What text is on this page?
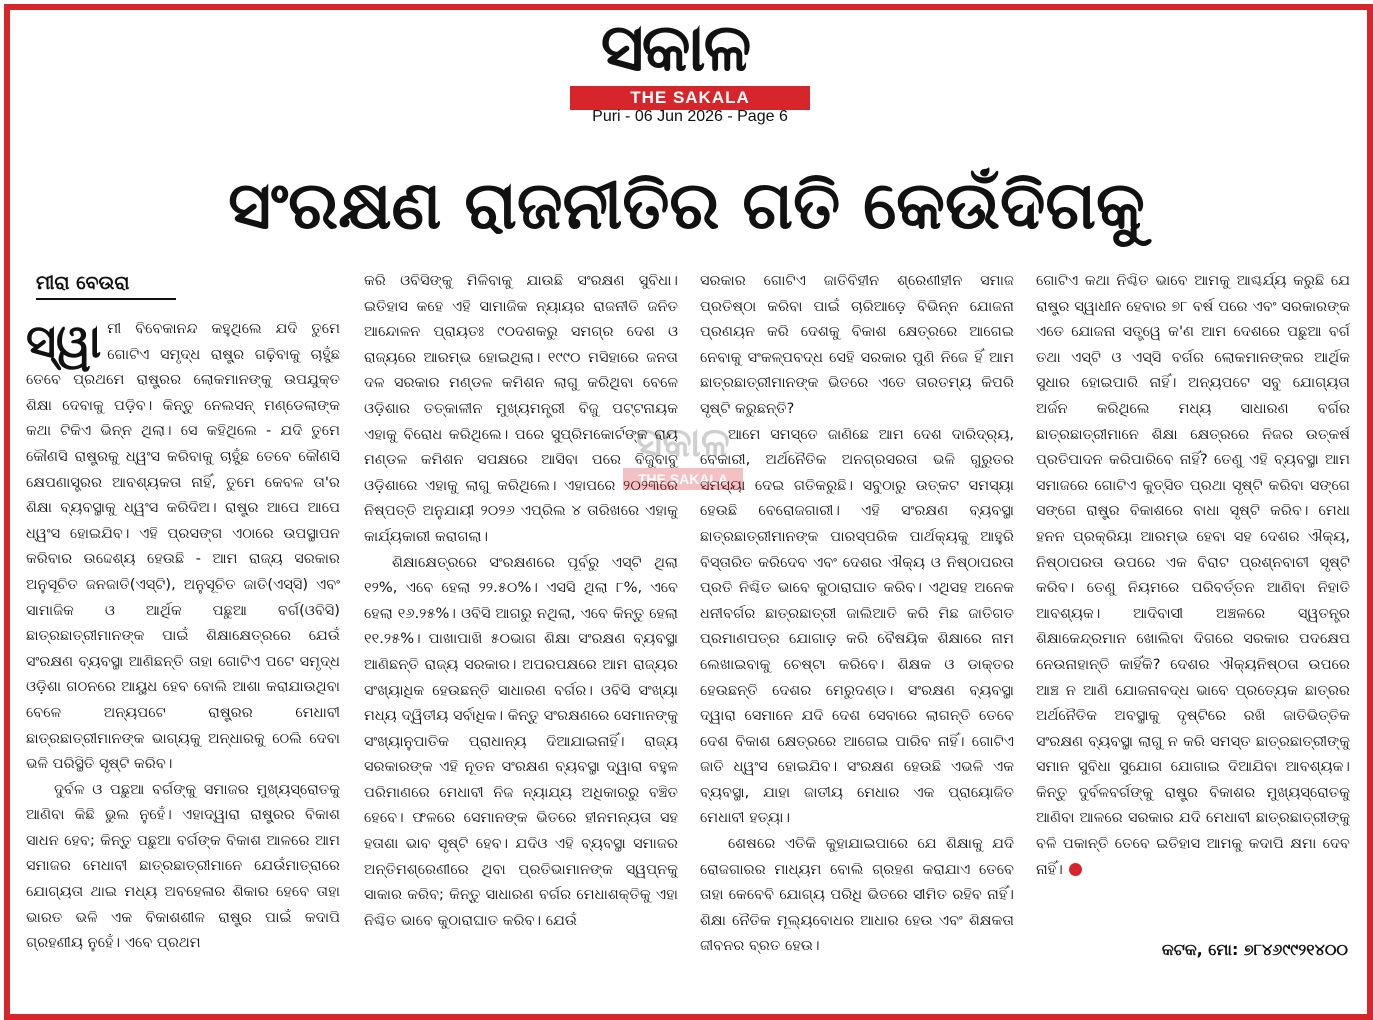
ସକାଳ
THE SAKALA
Puri - 06 Jun 2026 - Page 6
ସଂରକ୍ଷଣ ରାଜନୀତିର ଗତି କେଉଁଦିଗକୁ
ମୀରା ବେଉରା

ସ୍ୱା ମୀ ବିବେକାନନ୍ଦ କହୁଥିଲେ ଯଦି ତୁମେ ଗୋଟିଏ ସମୃଦ୍ଧ ରାଷ୍ଟ୍ର ଗଢ଼ିବାକୁ ଚାହୁଁଛ ତେବେ ପ୍ରଥମେ ରାଷ୍ଟ୍ରର ଲୋକମାନଙ୍କୁ ଉପଯୁକ୍ତ ଶିକ୍ଷା ଦେବାକୁ ପଡ଼ିବ। କିନ୍ତୁ ନେଲସନ୍ ମଣ୍ଡେଲାଙ୍କ କଥା ଟିକିଏ ଭିନ୍ନ ଥିଲା। ସେ କହିଥିଲେ - ଯଦି ତୁମେ କୌଣସି ରାଷ୍ଟ୍ରକୁ ଧ୍ୱଂସ କରିବାକୁ ଚାହୁଁଛ ତେବେ କୌଣସି କ୍ଷେପଣାସ୍ତ୍ରର ଆବଶ୍ୟକତା ନାହିଁ, ତୁମେ କେବଳ ତା'ର ଶିକ୍ଷା ବ୍ୟବସ୍ଥାକୁ ଧ୍ୱଂସ କରିଦିଅ। ରାଷ୍ଟ୍ର ଆପେ ଆପେ ଧ୍ୱଂସ ହୋଇଯିବ। ଏହି ପ୍ରସଙ୍ଗ ଏଠାରେ ଉପସ୍ଥାପନ କରିବାର ଉଦ୍ଦେଶ୍ୟ ହେଉଛି - ଆମ ରାଜ୍ୟ ସରକାର ଅନୁସୂଚିତ ଜନଜାତି(ଏସ୍‌ଟି), ଅନୁସୂଚିତ ଜାତି(ଏସ୍‌ସି) ଏବଂ ସାମାଜିକ ଓ ଆର୍ଥିକ ପଛୁଆ ବର୍ଗ(ଓବିସି) ଛାତ୍ରଛାତ୍ରୀମାନଙ୍କ ପାଇଁ ଶିକ୍ଷାକ୍ଷେତ୍ରରେ ଯେଉଁ ସଂରକ୍ଷଣ ବ୍ୟବସ୍ଥା ଆଣିଛନ୍ତି ତାହା ଗୋଟିଏ ପଟେ ସମୃଦ୍ଧ ଓଡ଼ିଶା ଗଠନରେ ଆୟୁଧ ହେବ ବୋଲି ଆଶା କରାଯାଉଥିବା ବେଳେ ଅନ୍ୟପଟେ ରାଷ୍ଟ୍ରର ମେଧାବୀ ଛାତ୍ରଛାତ୍ରୀମାନଙ୍କ ଭାଗ୍ୟକୁ ଅନ୍ଧାରକୁ ଠେଲି ଦେବା ଭଳି ପରିସ୍ଥିତି ସୃଷ୍ଟି କରିବ।

ଦୁର୍ବଳ ଓ ପଛୁଆ ବର୍ଗଙ୍କୁ ସମାଜର ମୁଖ୍ୟସ୍ରୋତକୁ ଆଣିବା କିଛି ଭୁଲ ନୁହେଁ। ଏହାଦ୍ୱାରା ରାଷ୍ଟ୍ରର ବିକାଶ ସାଧନ ହେବ; କିନ୍ତୁ ପଛୁଆ ବର୍ଗଙ୍କ ବିକାଶ ଆଳରେ ଆମ ସମାଜର ମେଧାବୀ ଛାତ୍ରଛାତ୍ରୀମାନେ ଯେଉଁମାତ୍ରାରେ ଯୋଗ୍ୟତା ଥାଇ ମଧ୍ୟ ଅବହେଳାର ଶିକାର ହେବେ ତାହା ଭାରତ ଭଳି ଏକ ବିକାଶଶୀଳ ରାଷ୍ଟ୍ର ପାଇଁ କଦାପି ଗ୍ରହଣୀୟ ନୁହେଁ। ଏବେ ପ୍ରଥମ

କରି ଓବିସିଙ୍କୁ ମିଳିବାକୁ ଯାଉଛି ସଂରକ୍ଷଣ ସୁବିଧା। ଇତିହାସ କହେ ଏହି ସାମାଜିକ ନ୍ୟାୟର ରାଜନୀତି ଜନିତ ଆନ୍ଦୋଳନ ପ୍ରାୟତଃ ୯୦ଦଶକରୁ ସମଗ୍ର ଦେଶ ଓ ରାଜ୍ୟରେ ଆରମ୍ଭ ହୋଇଥିଲା। ୧୯୯୦ ମସିହାରେ ଜନତା ଦଳ ସରକାର ମଣ୍ଡଳ କମିଶନ ଲାଗୁ କରିଥିବା ବେଳେ ଓଡ଼ିଶାର ତତ୍କାଳୀନ ମୁଖ୍ୟମନ୍ତ୍ରୀ ବିଜୁ ପଟ୍ଟନାୟକ ଏହାକୁ ବିରୋଧ କରିଥିଲେ। ପରେ ସୁପ୍ରିମକୋର୍ଟଙ୍କ ରାୟ ମଣ୍ଡଳ କମିଶନ ସପକ୍ଷରେ ଆସିବା ପରେ ବିଜୁବାବୁ ଓଡ଼ିଶାରେ ଏହାକୁ ଲାଗୁ କରିଥିଲେ। ଏହାପରେ ୨୦୨୩ରେ ନିଷ୍ପତ୍ତି ଅନୁଯାୟୀ ୨୦୨୬ ଏପ୍ରିଲ ୪ ତାରିଖରେ ଏହାକୁ କାର୍ଯ୍ୟକାରୀ କରାଗଲା।

ଶିକ୍ଷାକ୍ଷେତ୍ରରେ ସଂରକ୍ଷଣରେ ପୂର୍ବରୁ ଏସ୍‌ଟି ଥିଲା ୧୨%, ଏବେ ହେଲା ୨୨.୫୦%। ଏସସି ଥିଲା ୮%, ଏବେ ହେଲା ୧୬.୨୫%। ଓବିସି ଆଗରୁ ନଥିଲା, ଏବେ କିନ୍ତୁ ହେଲା ୧୧.୨୫%। ପାଖାପାଖି ୫୦ଭାଗ ଶିକ୍ଷା ସଂରକ୍ଷଣ ବ୍ୟବସ୍ଥା ଆଣିଛନ୍ତି ରାଜ୍ୟ ସରକାର। ଅପରପକ୍ଷରେ ଆମ ରାଜ୍ୟର ସଂଖ୍ୟାଧିକ ହେଉଛନ୍ତି ସାଧାରଣ ବର୍ଗର। ଓବିସି ସଂଖ୍ୟା ମଧ୍ୟ ଦ୍ୱିତୀୟ ସର୍ବାଧିକ। କିନ୍ତୁ ସଂରକ୍ଷଣରେ ସେମାନଙ୍କୁ ସଂଖ୍ୟାନୁପାତିକ ପ୍ରାଧାନ୍ୟ ଦିଆଯାଇନାହିଁ। ରାଜ୍ୟ ସରକାରଙ୍କ ଏହି ନୂତନ ସଂରକ୍ଷଣ ବ୍ୟବସ୍ଥା ଦ୍ୱାରା ବହୁଳ ପରିମାଣରେ ମେଧାବୀ ନିଜ ନ୍ୟାଯ୍ୟ ଅଧିକାରରୁ ବଞ୍ଚିତ ହେବେ। ଫଳରେ ସେମାନଙ୍କ ଭିତରେ ହୀନମନ୍ୟତା ସହ ହତାଶା ଭାବ ସୃଷ୍ଟି ହେବ। ଯଦିଓ ଏହି ବ୍ୟବସ୍ଥା ସମାଜର ଅନ୍ତିମଶ୍ରେଣୀରେ ଥିବା ପ୍ରତିଭାମାନଙ୍କ ସ୍ୱପ୍ନକୁ ସାକାର କରିବ; କିନ୍ତୁ ସାଧାରଣ ବର୍ଗର ମେଧାଶକ୍ତିକୁ ଏହା ନିଶ୍ଚିତ ଭାବେ କୁଠାରାଘାତ କରିବ। ଯେଉଁ

ସରକାର ଗୋଟିଏ ଜାତିବିହୀନ ଶ୍ରେଣୀହୀନ ସମାଜ ପ୍ରତିଷ୍ଠା କରିବା ପାଇଁ ଚାରିଆଡ଼େ ବିଭିନ୍ନ ଯୋଜନା ପ୍ରଣୟନ କରି ଦେଶକୁ ବିକାଶ କ୍ଷେତ୍ରରେ ଆଗେଇ ନେବାକୁ ସଂକଳ୍ପବଦ୍ଧ ସେହି ସରକାର ପୁଣି ନିଜେ ହିଁ ଆମ ଛାତ୍ରଛାତ୍ରୀମାନଙ୍କ ଭିତରେ ଏତେ ତାରତମ୍ୟ କିପରି ସୃଷ୍ଟି କରୁଛନ୍ତି?

ଆମେ ସମସ୍ତେ ଜାଣିଛେ ଆମ ଦେଶ ଦାରିଦ୍ର୍ୟ, ବେକାରୀ, ଅର୍ଥନୈତିକ ଅନଗ୍ରସରତା ଭଳି ଗୁରୁତର ସମସ୍ୟା ଦେଇ ଗତିକରୁଛି। ସବୁଠାରୁ ଉତ୍କଟ ସମସ୍ୟା ହେଉଛି ବେରୋଜଗାରୀ। ଏହି ସଂରକ୍ଷଣ ବ୍ୟବସ୍ଥା ଛାତ୍ରଛାତ୍ରୀମାନଙ୍କ ପାରସ୍ପରିକ ପାର୍ଥକ୍ୟକୁ ଆହୁରି ବିସ୍ତାରିତ କରିଦେବ ଏବଂ ଦେଶର ଐକ୍ୟ ଓ ନିଷ୍ଠାପରତା ପ୍ରତି ନିଶ୍ଚିତ ଭାବେ କୁଠାରାଘାତ କରିବ। ଏଥିସହ ଅନେକ ଧନୀବର୍ଗର ଛାତ୍ରଛାତ୍ରୀ ଜାଲିଆତି କରି ମିଛ ଜାତିଗତ ପ୍ରମାଣପତ୍ର ଯୋଗାଡ଼ କରି ବୈଷୟିକ ଶିକ୍ଷାରେ ନାମ ଲେଖାଇବାକୁ ଚେଷ୍ଟା କରିବେ। ଶିକ୍ଷକ ଓ ଡାକ୍ତର ହେଉଛନ୍ତି ଦେଶର ମେରୁଦଣ୍ଡ। ସଂରକ୍ଷଣ ବ୍ୟବସ୍ଥା ଦ୍ୱାରା ସେମାନେ ଯଦି ଦେଶ ସେବାରେ ଲାଗନ୍ତି ତେବେ ଦେଶ ବିକାଶ କ୍ଷେତ୍ରରେ ଆଗେଇ ପାରିବ ନାହିଁ। ଗୋଟିଏ ଜାତି ଧ୍ୱଂସ ହୋଇଯିବ। ସଂରକ୍ଷଣ ହେଉଛି ଏଭଳି ଏକ ବ୍ୟବସ୍ଥା, ଯାହା ଜାତୀୟ ମେଧାର ଏକ ପ୍ରାୟୋଜିତ ମେଧାବୀ ହତ୍ୟା।

ଶେଷରେ ଏତିକି କୁହାଯାଇପାରେ ଯେ ଶିକ୍ଷାକୁ ଯଦି ରୋଜଗାରର ମାଧ୍ୟମ ବୋଲି ଗ୍ରହଣ କରାଯାଏ ତେବେ ତାହା କେବେବି ଯୋଗ୍ୟ ପରିଧି ଭିତରେ ସୀମିତ ରହିବ ନାହିଁ। ଶିକ୍ଷା ନୈତିକ ମୂଲ୍ୟବୋଧର ଆଧାର ହେଉ ଏବଂ ଶିକ୍ଷକତା ଜୀବନର ବ୍ରତ ହେଉ।

ଗୋଟିଏ କଥା ନିଶ୍ଚିତ ଭାବେ ଆମକୁ ଆଶ୍ଚର୍ଯ୍ୟ କରୁଛି ଯେ ରାଷ୍ଟ୍ର ସ୍ୱାଧୀନ ହେବାର ୭୮ ବର୍ଷ ପରେ ଏବଂ ସରକାରଙ୍କ ଏତେ ଯୋଜନା ସତ୍ତ୍ୱେ କ'ଣ ଆମ ଦେଶରେ ପଛୁଆ ବର୍ଗ ତଥା ଏସ୍‌ଟି ଓ ଏସ୍‌ସି ବର୍ଗର ଲୋକମାନଙ୍କର ଆର୍ଥିକ ସୁଧାର ହୋଇପାରି ନାହିଁ। ଅନ୍ୟପଟେ ସବୁ ଯୋଗ୍ୟତା ଅର୍ଜନ କରିଥିଲେ ମଧ୍ୟ ସାଧାରଣ ବର୍ଗର ଛାତ୍ରଛାତ୍ରୀମାନେ ଶିକ୍ଷା କ୍ଷେତ୍ରରେ ନିଜର ଉତ୍କର୍ଷ ପ୍ରତିପାଦନ କରିପାରିବେ ନାହିଁ? ତେଣୁ ଏହି ବ୍ୟବସ୍ଥା ଆମ ସମାଜରେ ଗୋଟିଏ କୁତ୍ସିତ ପ୍ରଥା ସୃଷ୍ଟି କରିବା ସଙ୍ଗେ ସଙ୍ଗେ ରାଷ୍ଟ୍ର ବିକାଶରେ ବାଧା ସୃଷ୍ଟି କରିବ। ମେଧା ହନନ ପ୍ରକ୍ରିୟା ଆରମ୍ଭ ହେବା ସହ ଦେଶର ଐକ୍ୟ, ନିଷ୍ଠାପରତା ଉପରେ ଏକ ବିରାଟ ପ୍ରଶ୍ନବାଚୀ ସୃଷ୍ଟି କରିବ। ତେଣୁ ନିୟମରେ ପରିବର୍ତ୍ତନ ଆଣିବା ନିହାତି ଆବଶ୍ୟକ। ଆଦିବାସୀ ଅଞ୍ଚଳରେ ସ୍ୱତନ୍ତ୍ର ଶିକ୍ଷାକେନ୍ଦ୍ରମାନ ଖୋଲିବା ଦିଗରେ ସରକାର ପଦକ୍ଷେପ ନେଉନାହାନ୍ତି କାହିଁକି? ଦେଶର ଐକ୍ୟନିଷ୍ଠତା ଉପରେ ଆଞ୍ଚ ନ ଆଣି ଯୋଜନାବଦ୍ଧ ଭାବେ ପ୍ରତ୍ୟେକ ଛାତ୍ରର ଅର୍ଥନୈତିକ ଅବସ୍ଥାକୁ ଦୃଷ୍ଟିରେ ରଖି ଜାତିଭିତ୍ତିକ ସଂରକ୍ଷଣ ବ୍ୟବସ୍ଥା ଲାଗୁ ନ କରି ସମସ୍ତ ଛାତ୍ରଛାତ୍ରୀଙ୍କୁ ସମାନ ସୁବିଧା ସୁଯୋଗ ଯୋଗାଇ ଦିଆଯିବା ଆବଶ୍ୟକ। କିନ୍ତୁ ଦୁର୍ବଳବର୍ଗଙ୍କୁ ରାଷ୍ଟ୍ର ବିକାଶର ମୁଖ୍ୟସ୍ରୋତକୁ ଆଣିବା ଆଳରେ ସରକାର ଯଦି ମେଧାବୀ ଛାତ୍ରଛାତ୍ରୀଙ୍କୁ ବଳି ପକାନ୍ତି ତେବେ ଇତିହାସ ଆମକୁ କଦାପି କ୍ଷମା ଦେବ ନାହିଁ।

କଟକ, ମୋ: ୭୮୪୬୯୯୨୧୪୦୦
ସକାଳ
THE SAKALA
